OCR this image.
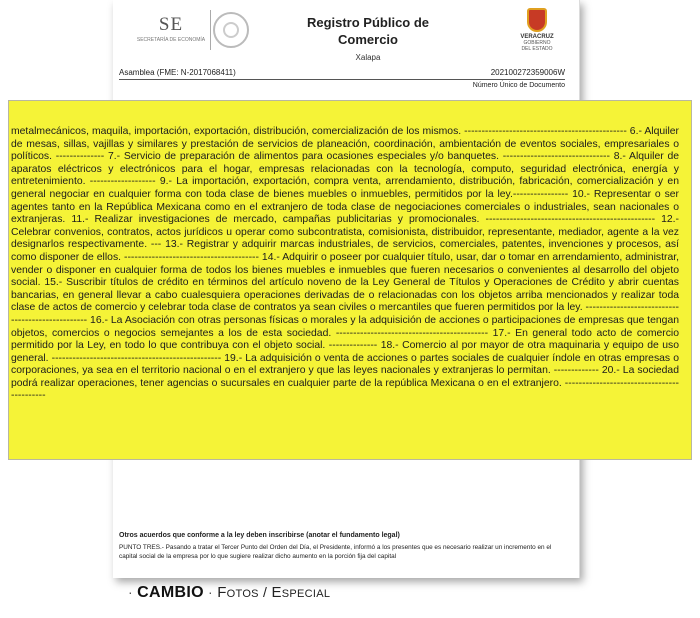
SE
SECRETARÍA DE ECONOMÍA
Registro Público de
Comercio
Xalapa
VERACRUZ
GOBIERNO
DEL ESTADO
Asamblea (FME: N-2017068411)	202100272359006W
Número Único de Documento
Otros acuerdos que conforme a la ley deben inscribirse (anotar el fundamento legal)
PUNTO TRES.- Pasando a tratar el Tercer Punto del Orden del Día, el Presidente, informó a los presentes que es necesario realizar un incremento en el capital social de la empresa por lo que sugiere realizar dicho aumento en la porción fija del capital
metalmecánicos, maquila, importación, exportación, distribución, comercialización de los mismos. ----------------------------------------------- 6.- Alquiler de mesas, sillas, vajillas y similares y prestación de servicios de planeación, coordinación, ambientación de eventos sociales, empresariales o políticos. -------------- 7.- Servicio de preparación de alimentos para ocasiones especiales y/o banquetes. ------------------------------- 8.- Alquiler de aparatos eléctricos y electrónicos para el hogar, empresas relacionadas con la tecnología, computo, seguridad electrónica, energía y entretenimiento. ------------------- 9.- La importación, exportación, compra venta, arrendamiento, distribución, fabricación, comercialización y en general negociar en cualquier forma con toda clase de bienes muebles o inmuebles, permitidos por la ley.---------------- 10.- Representar o ser agentes tanto en la República Mexicana como en el extranjero de toda clase de negociaciones comerciales o industriales, sean nacionales o extranjeras. 11.- Realizar investigaciones de mercado, campañas publicitarias y promocionales. ------------------------------------------------- 12.- Celebrar convenios, contratos, actos jurídicos u operar como subcontratista, comisionista, distribuidor, representante, mediador, agente a la vez designarlos respectivamente. --- 13.- Registrar y adquirir marcas industriales, de servicios, comerciales, patentes, invenciones y procesos, así como disponer de ellos. --------------------------------------- 14.- Adquirir o poseer por cualquier título, usar, dar o tomar en arrendamiento, administrar, vender o disponer en cualquier forma de todos los bienes muebles e inmuebles que fueren necesarios o convenientes al desarrollo del objeto social. 15.- Suscribir títulos de crédito en términos del artículo noveno de la Ley General de Títulos y Operaciones de Crédito y abrir cuentas bancarias, en general llevar a cabo cualesquiera operaciones derivadas de o relacionadas con los objetos arriba mencionados y realizar toda clase de actos de comercio y celebrar toda clase de contratos ya sean civiles o mercantiles que fueren permitidos por la ley. ------------------------------------------------- 16.- La Asociación con otras personas físicas o morales y la adquisición de acciones o participaciones de empresas que tengan objetos, comercios o negocios semejantes a los de esta sociedad. -------------------------------------------- 17.- En general todo acto de comercio permitido por la Ley, en todo lo que contribuya con el objeto social. -------------- 18.- Comercio al por mayor de otra maquinaria y equipo de uso general. ------------------------------------------------- 19.- La adquisición o venta de acciones o partes sociales de cualquier índole en otras empresas o corporaciones, ya sea en el territorio nacional o en el extranjero y que las leyes nacionales y extranjeras lo permitan. ------------- 20.- La sociedad podrá realizar operaciones, tener agencias o sucursales en cualquier parte de la república Mexicana o en el extranjero. -------------------------------------------
· CAMBIO · Fotos / Especial
